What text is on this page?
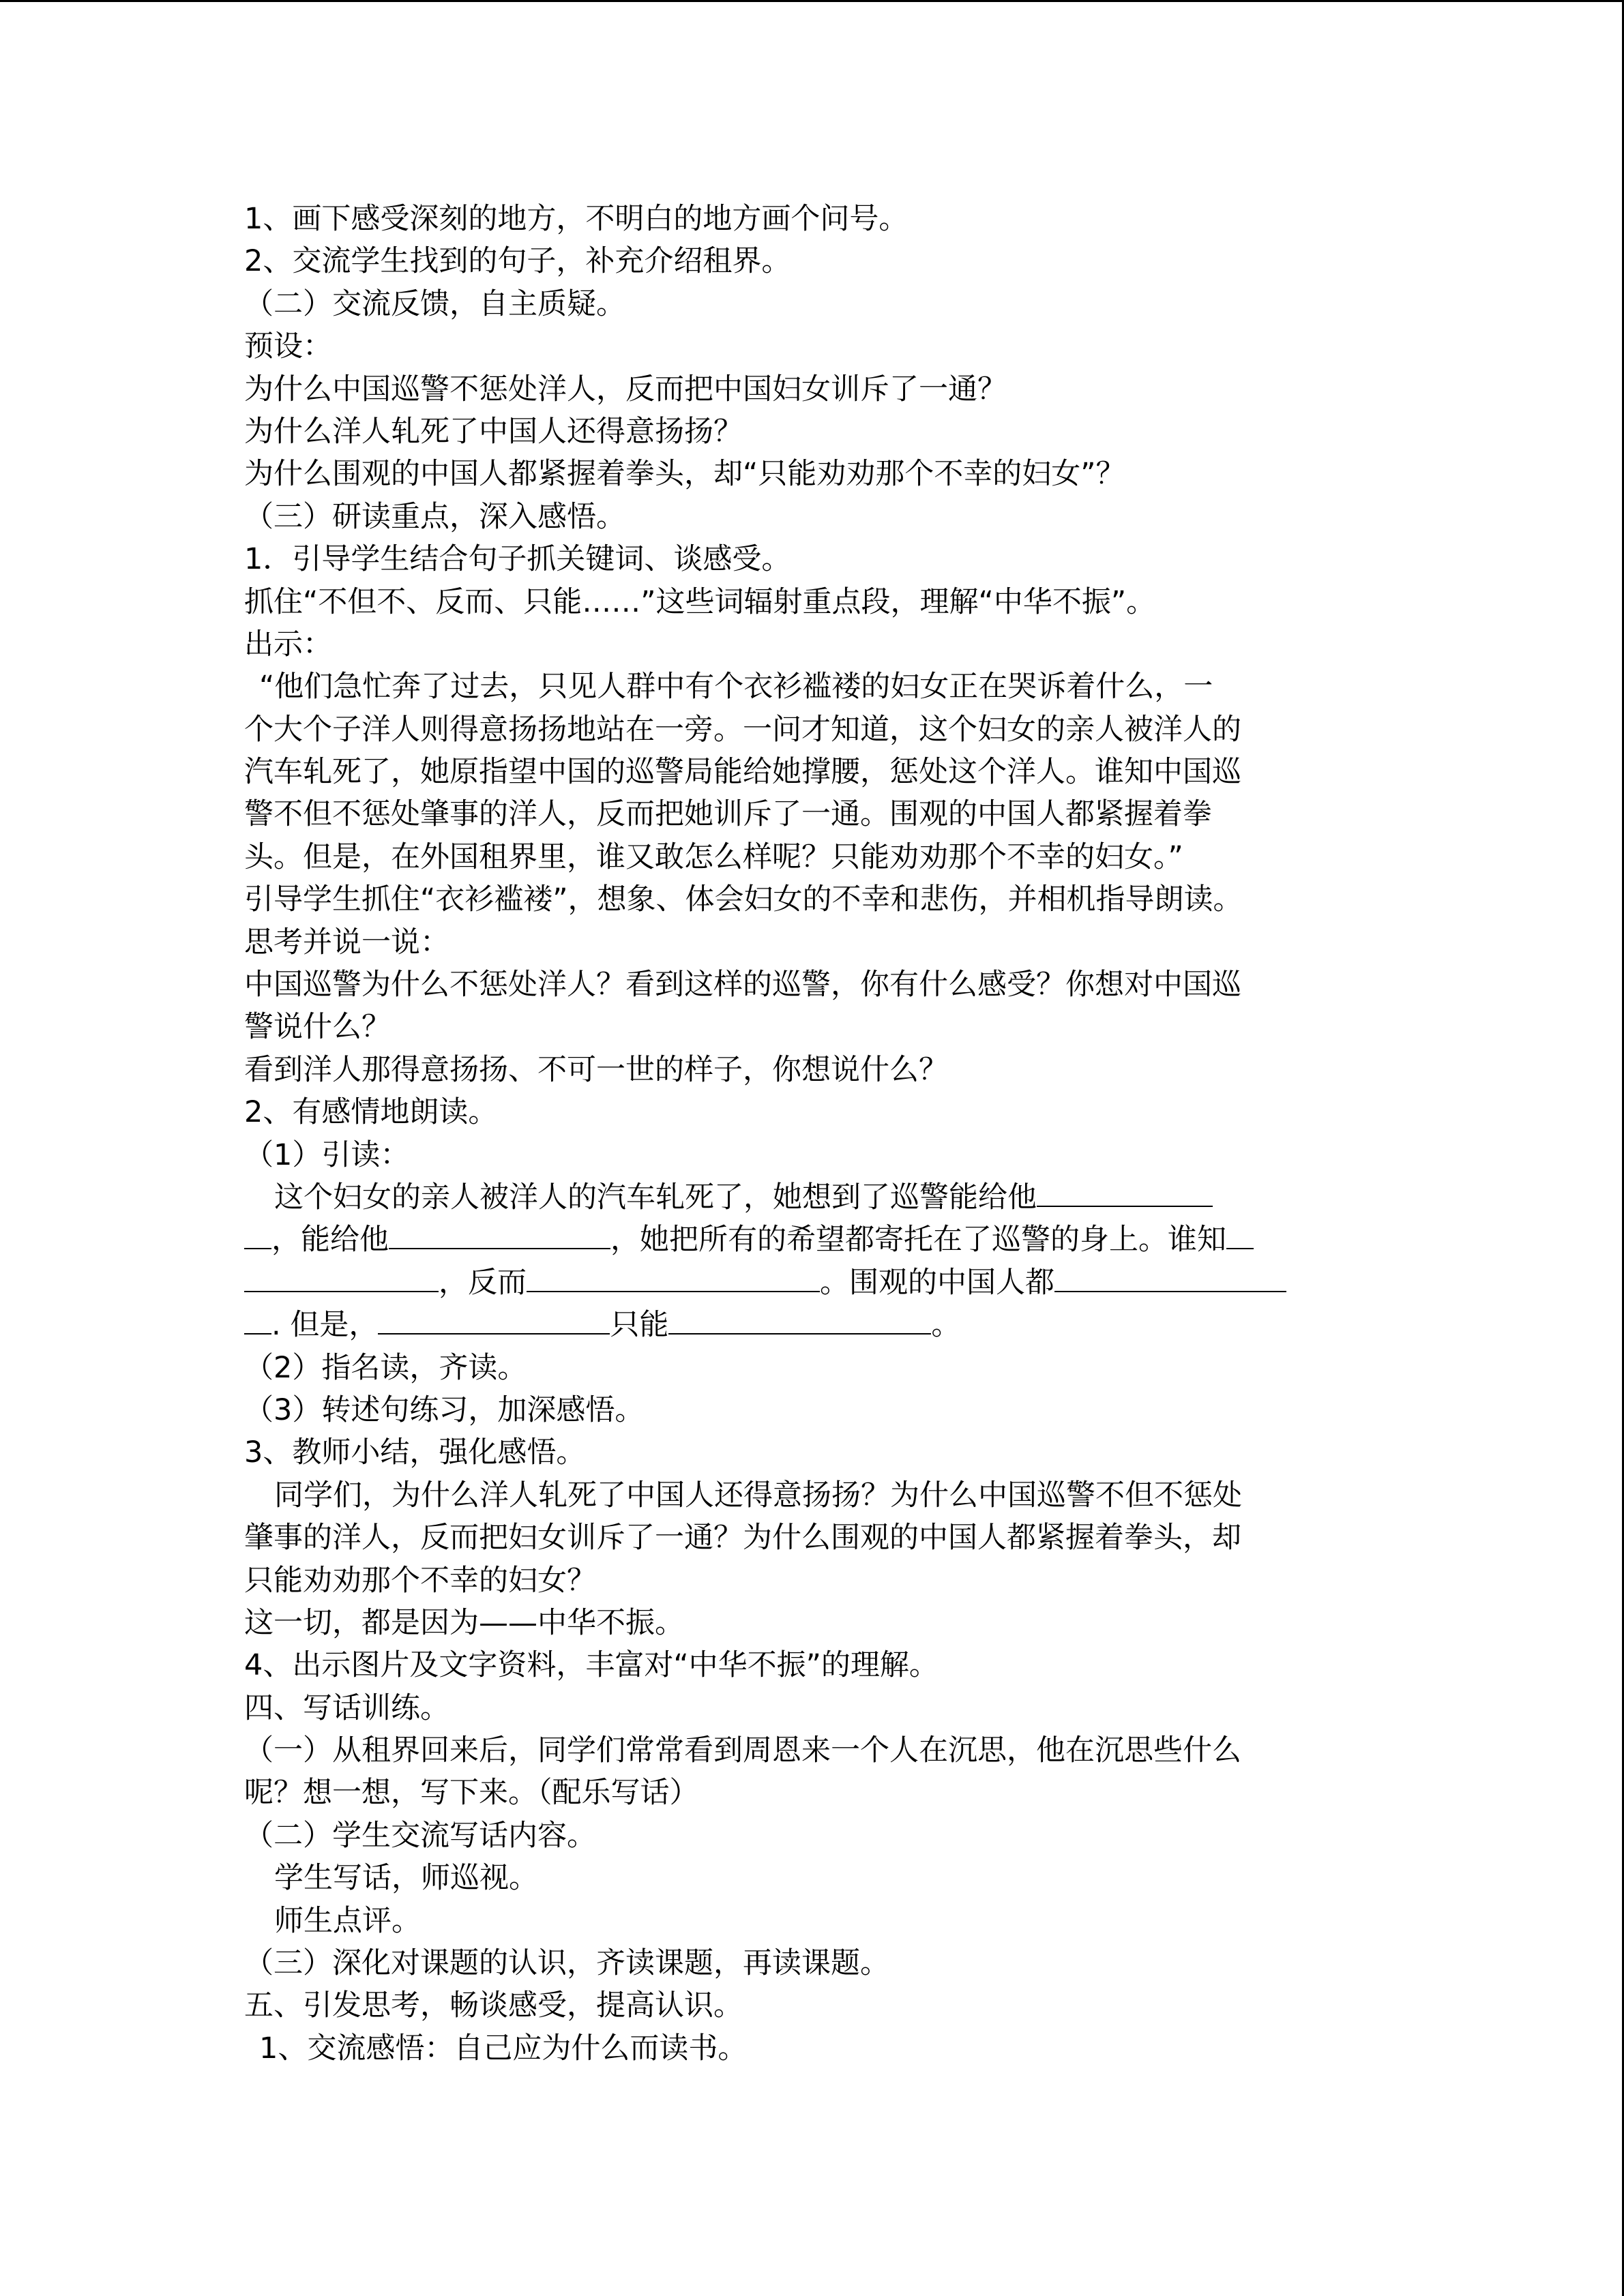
1、画下感受深刻的地方，不明白的地方画个问号。

2、交流学生找到的句子，补充介绍租界。

（二）交流反馈，自主质疑。

预设：

为什么中国巡警不惩处洋人，反而把中国妇女训斥了一通？

为什么洋人轧死了中国人还得意扬扬？

为什么围观的中国人都紧握着拳头，却“只能劝劝那个不幸的妇女”？

（三）研读重点，深入感悟。

1．引导学生结合句子抓关键词、谈感受。

抓住“不但不、反而、只能……”这些词辐射重点段，理解“中华不振”。

出示：

“他们急忙奔了过去，只见人群中有个衣衫褴褛的妇女正在哭诉着什么，一

个大个子洋人则得意扬扬地站在一旁。一问才知道，这个妇女的亲人被洋人的

汽车轧死了，她原指望中国的巡警局能给她撑腰，惩处这个洋人。谁知中国巡

警不但不惩处肇事的洋人，反而把她训斥了一通。围观的中国人都紧握着拳

头。但是，在外国租界里，谁又敢怎么样呢？只能劝劝那个不幸的妇女。”

引导学生抓住“衣衫褴褛”，想象、体会妇女的不幸和悲伤，并相机指导朗读。

思考并说一说：

中国巡警为什么不惩处洋人？看到这样的巡警，你有什么感受？你想对中国巡

警说什么？

看到洋人那得意扬扬、不可一世的样子，你想说什么？

2、有感情地朗读。

（1）引读：

这个妇女的亲人被洋人的汽车轧死了，她想到了巡警能给他

，能给他	，她把所有的希望都寄托在了巡警的身上。谁知

，反而	。围观的中国人都

. 但是，	只能	。

（2）指名读，齐读。

（3）转述句练习，加深感悟。

3、教师小结，强化感悟。

同学们，为什么洋人轧死了中国人还得意扬扬？为什么中国巡警不但不惩处

肇事的洋人，反而把妇女训斥了一通？为什么围观的中国人都紧握着拳头，却

只能劝劝那个不幸的妇女？

这一切，都是因为——中华不振。

4、出示图片及文字资料，丰富对“中华不振”的理解。

四、写话训练。

（一）从租界回来后，同学们常常看到周恩来一个人在沉思，他在沉思些什么

呢？想一想，写下来。（配乐写话）

（二）学生交流写话内容。

学生写话，师巡视。

师生点评。

（三）深化对课题的认识，齐读课题，再读课题。

五、引发思考，畅谈感受，提高认识。

1、交流感悟：自己应为什么而读书。
